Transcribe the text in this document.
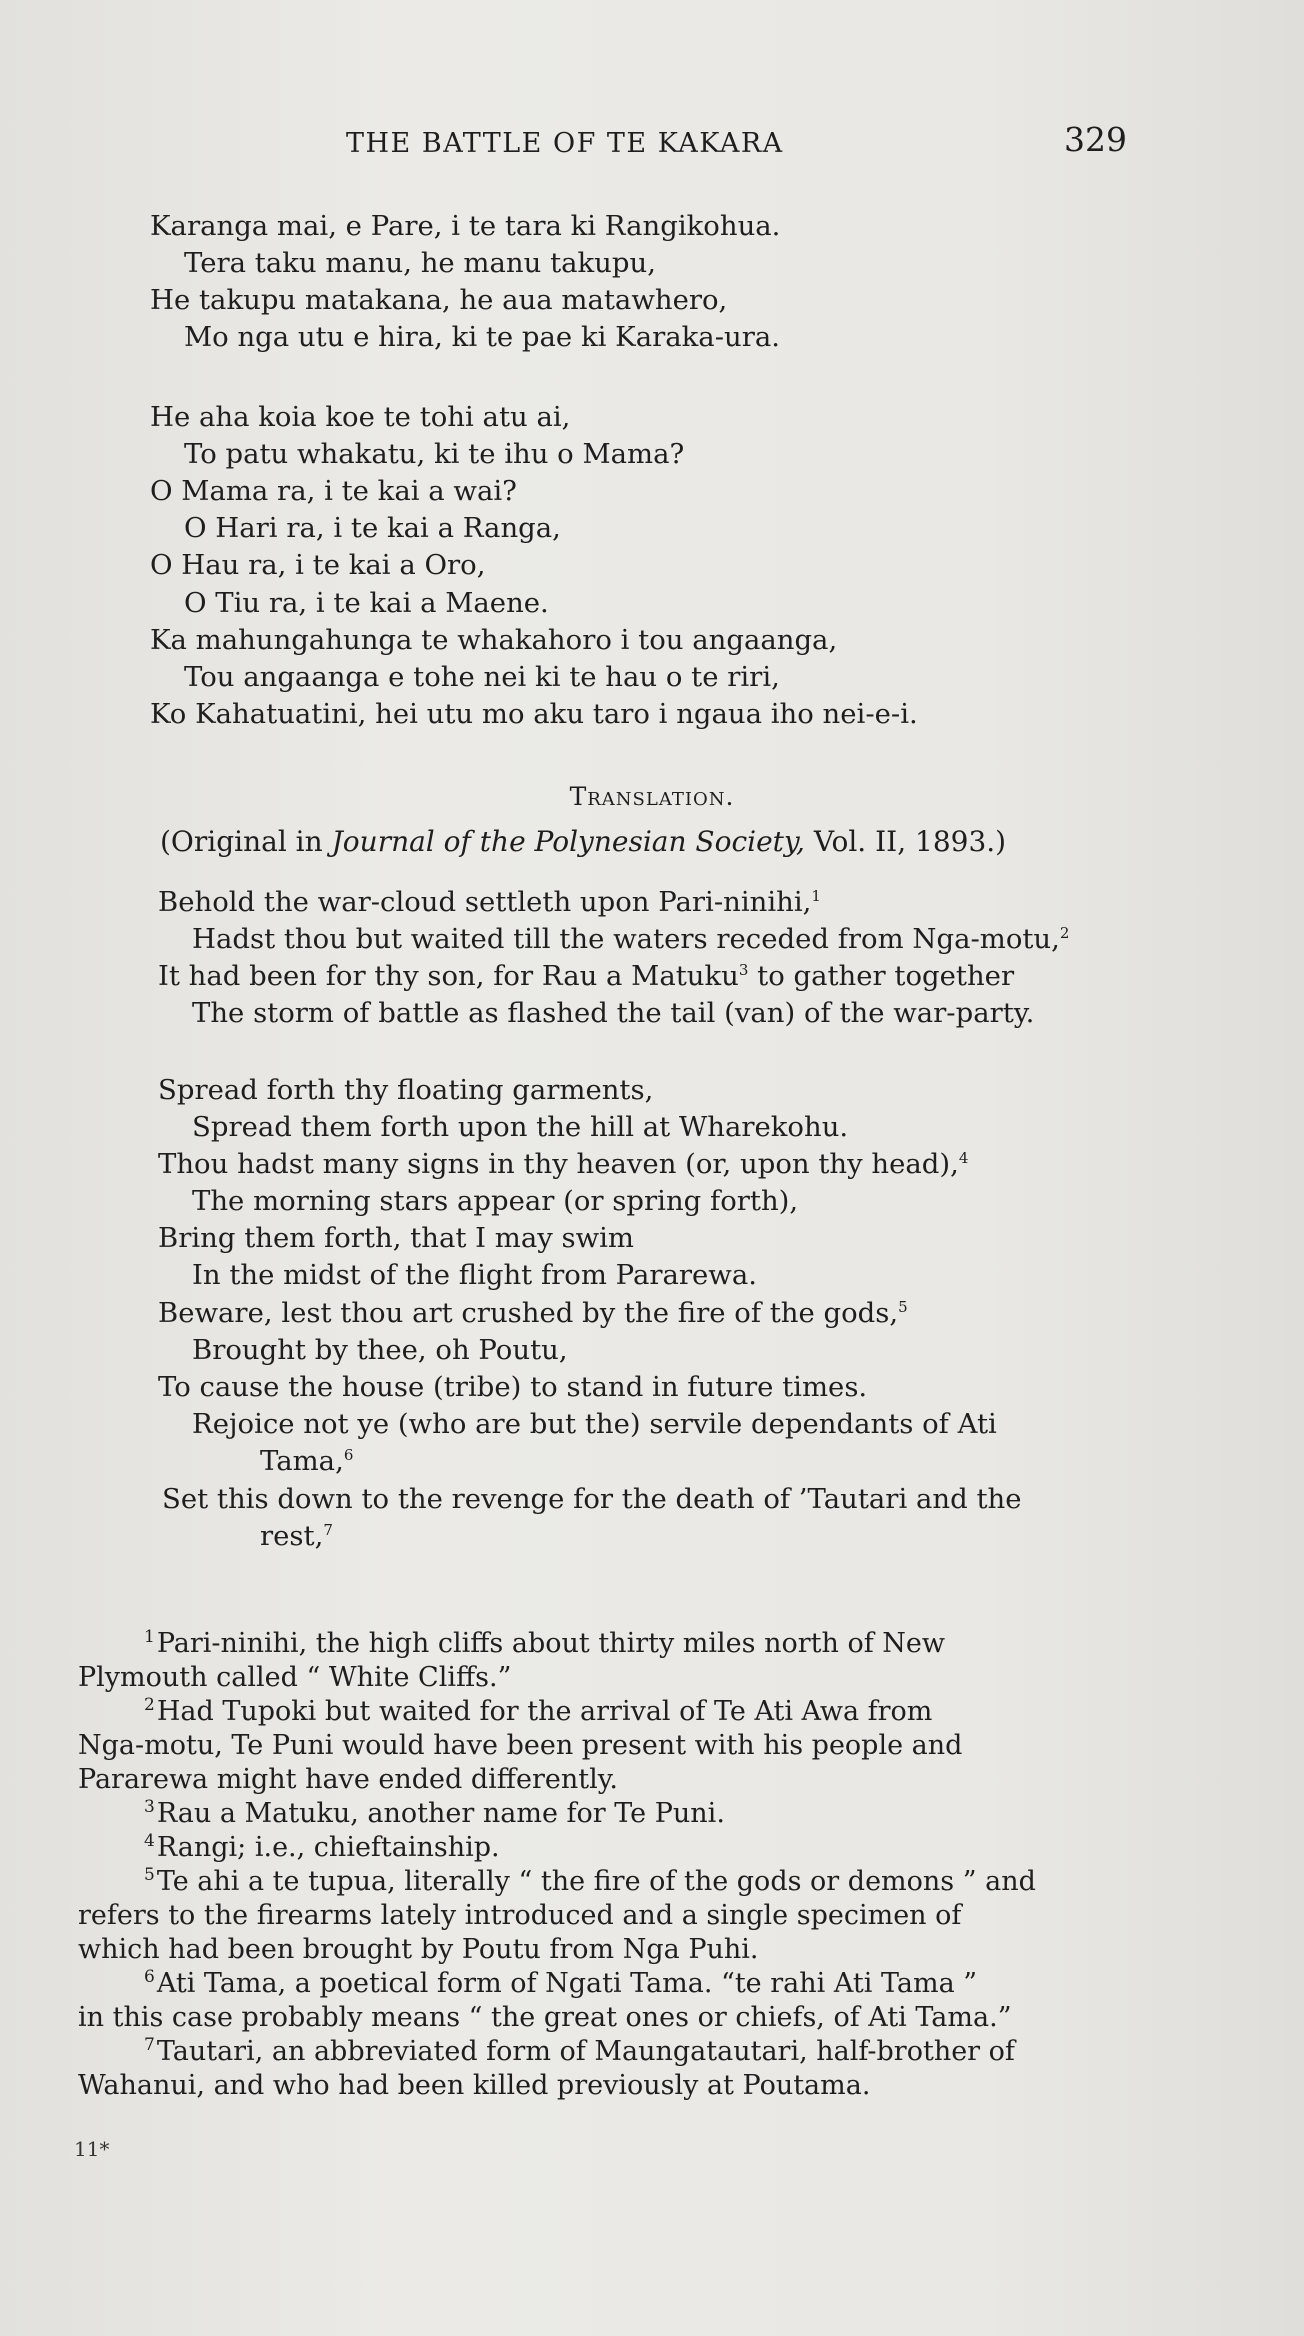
THE BATTLE OF TE KAKARA	329
Karanga mai, e Pare, i te tara ki Rangikohua.
Tera taku manu, he manu takupu,
He takupu matakana, he aua matawhero,
Mo nga utu e hira, ki te pae ki Karaka-ura.
He aha koia koe te tohi atu ai,
To patu whakatu, ki te ihu o Mama?
O Mama ra, i te kai a wai?
O Hari ra, i te kai a Ranga,
O Hau ra, i te kai a Oro,
O Tiu ra, i te kai a Maene.
Ka mahungahunga te whakahoro i tou angaanga,
Tou angaanga e tohe nei ki te hau o te riri,
Ko Kahatuatini, hei utu mo aku taro i ngaua iho nei-e-i.
Translation.
(Original in Journal of the Polynesian Society, Vol. II, 1893.)
Behold the war-cloud settleth upon Pari-ninihi,$^1$
Hadst thou but waited till the waters receded from Nga-motu,$^2$
It had been for thy son, for Rau a Matuku$^3$ to gather together
The storm of battle as flashed the tail (van) of the war-party.
Spread forth thy floating garments,
Spread them forth upon the hill at Wharekohu.
Thou hadst many signs in thy heaven (or, upon thy head),$^4$
The morning stars appear (or spring forth),
Bring them forth, that I may swim
In the midst of the flight from Pararewa.
Beware, lest thou art crushed by the fire of the gods,$^5$
Brought by thee, oh Poutu,
To cause the house (tribe) to stand in future times.
Rejoice not ye (who are but the) servile dependants of Ati
Tama,$^6$
Set this down to the revenge for the death of ’Tautari and the
rest,$^7$
$^1$Pari-ninihi, the high cliffs about thirty miles north of New
Plymouth called “ White Cliffs.”
$^2$Had Tupoki but waited for the arrival of Te Ati Awa from
Nga-motu, Te Puni would have been present with his people and
Pararewa might have ended differently.
$^3$Rau a Matuku, another name for Te Puni.
$^4$Rangi; i.e., chieftainship.
$^5$Te ahi a te tupua, literally “ the fire of the gods or demons ” and
refers to the firearms lately introduced and a single specimen of
which had been brought by Poutu from Nga Puhi.
$^6$Ati Tama, a poetical form of Ngati Tama. “te rahi Ati Tama ”
in this case probably means “ the great ones or chiefs, of Ati Tama.”
$^7$Tautari, an abbreviated form of Maungatautari, half-brother of
Wahanui, and who had been killed previously at Poutama.
11*
